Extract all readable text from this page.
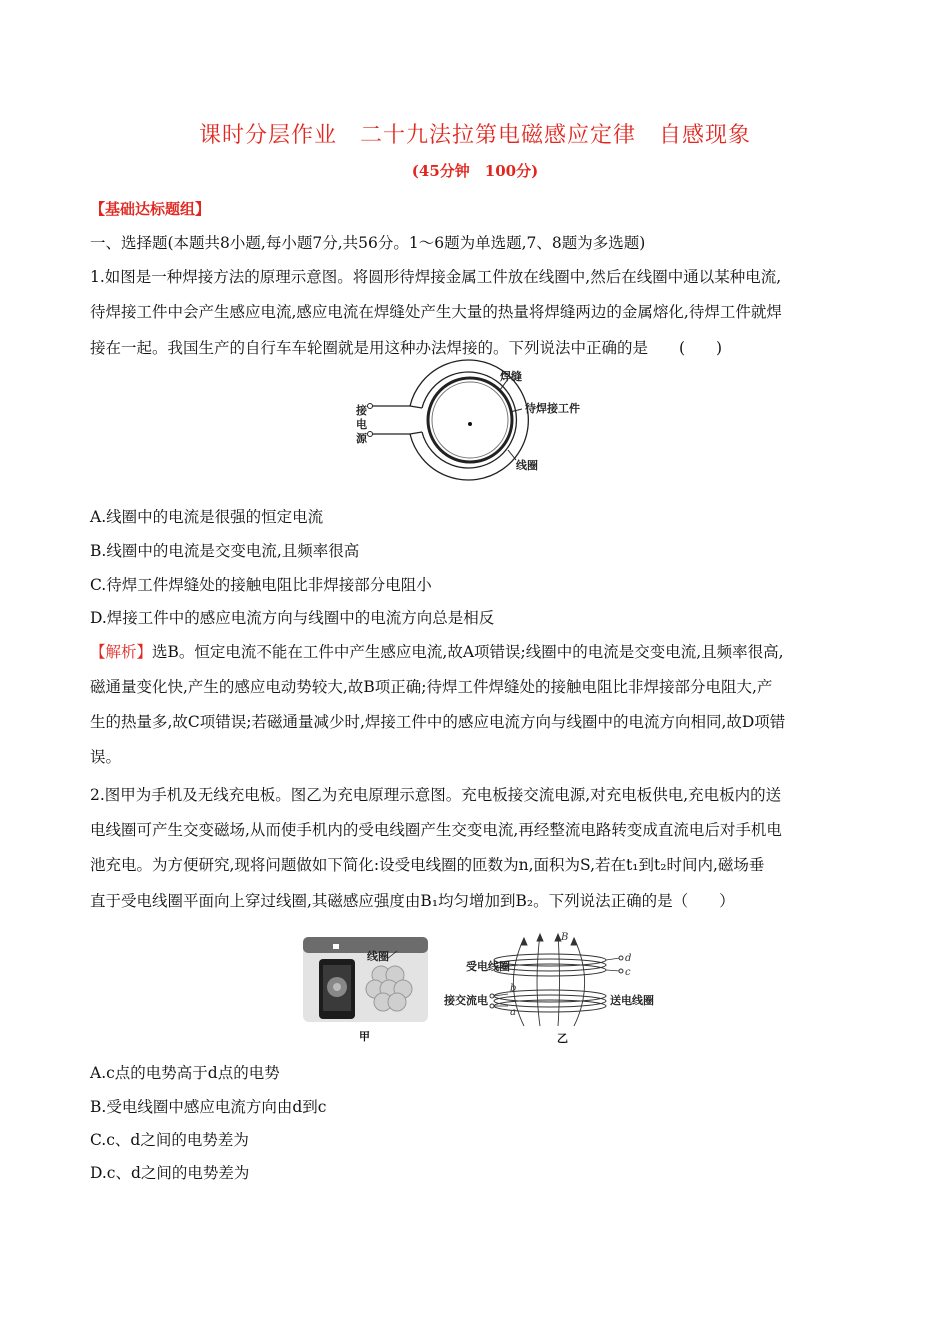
课时分层作业　二十九法拉第电磁感应定律　自感现象
(45分钟　100分)
【基础达标题组】
一、选择题(本题共8小题,每小题7分,共56分。1～6题为单选题,7、8题为多选题)
1.如图是一种焊接方法的原理示意图。将圆形待焊接金属工件放在线圈中,然后在线圈中通以某种电流,
待焊接工件中会产生感应电流,感应电流在焊缝处产生大量的热量将焊缝两边的金属熔化,待焊工件就焊
接在一起。我国生产的自行车车轮圈就是用这种办法焊接的。下列说法中正确的是　　(　　)
焊缝
待焊接工件
线圈
接
电
源
A.线圈中的电流是很强的恒定电流
B.线圈中的电流是交变电流,且频率很高
C.待焊工件焊缝处的接触电阻比非焊接部分电阻小
D.焊接工件中的感应电流方向与线圈中的电流方向总是相反
【解析】选B。恒定电流不能在工件中产生感应电流,故A项错误;线圈中的电流是交变电流,且频率很高,
磁通量变化快,产生的感应电动势较大,故B项正确;待焊工件焊缝处的接触电阻比非焊接部分电阻大,产
生的热量多,故C项错误;若磁通量减少时,焊接工件中的感应电流方向与线圈中的电流方向相同,故D项错
误。
2.图甲为手机及无线充电板。图乙为充电原理示意图。充电板接交流电源,对充电板供电,充电板内的送
电线圈可产生交变磁场,从而使手机内的受电线圈产生交变电流,再经整流电路转变成直流电后对手机电
池充电。为方便研究,现将问题做如下简化:设受电线圈的匝数为n,面积为S,若在t₁到t₂时间内,磁场垂
直于受电线圈平面向上穿过线圈,其磁感应强度由B₁均匀增加到B₂。下列说法正确的是（　　）
线圈
甲
B
d
c
b
a
受电线圈
接交流电	送电线圈
乙
A.c点的电势高于d点的电势
B.受电线圈中感应电流方向由d到c
C.c、d之间的电势差为
D.c、d之间的电势差为
